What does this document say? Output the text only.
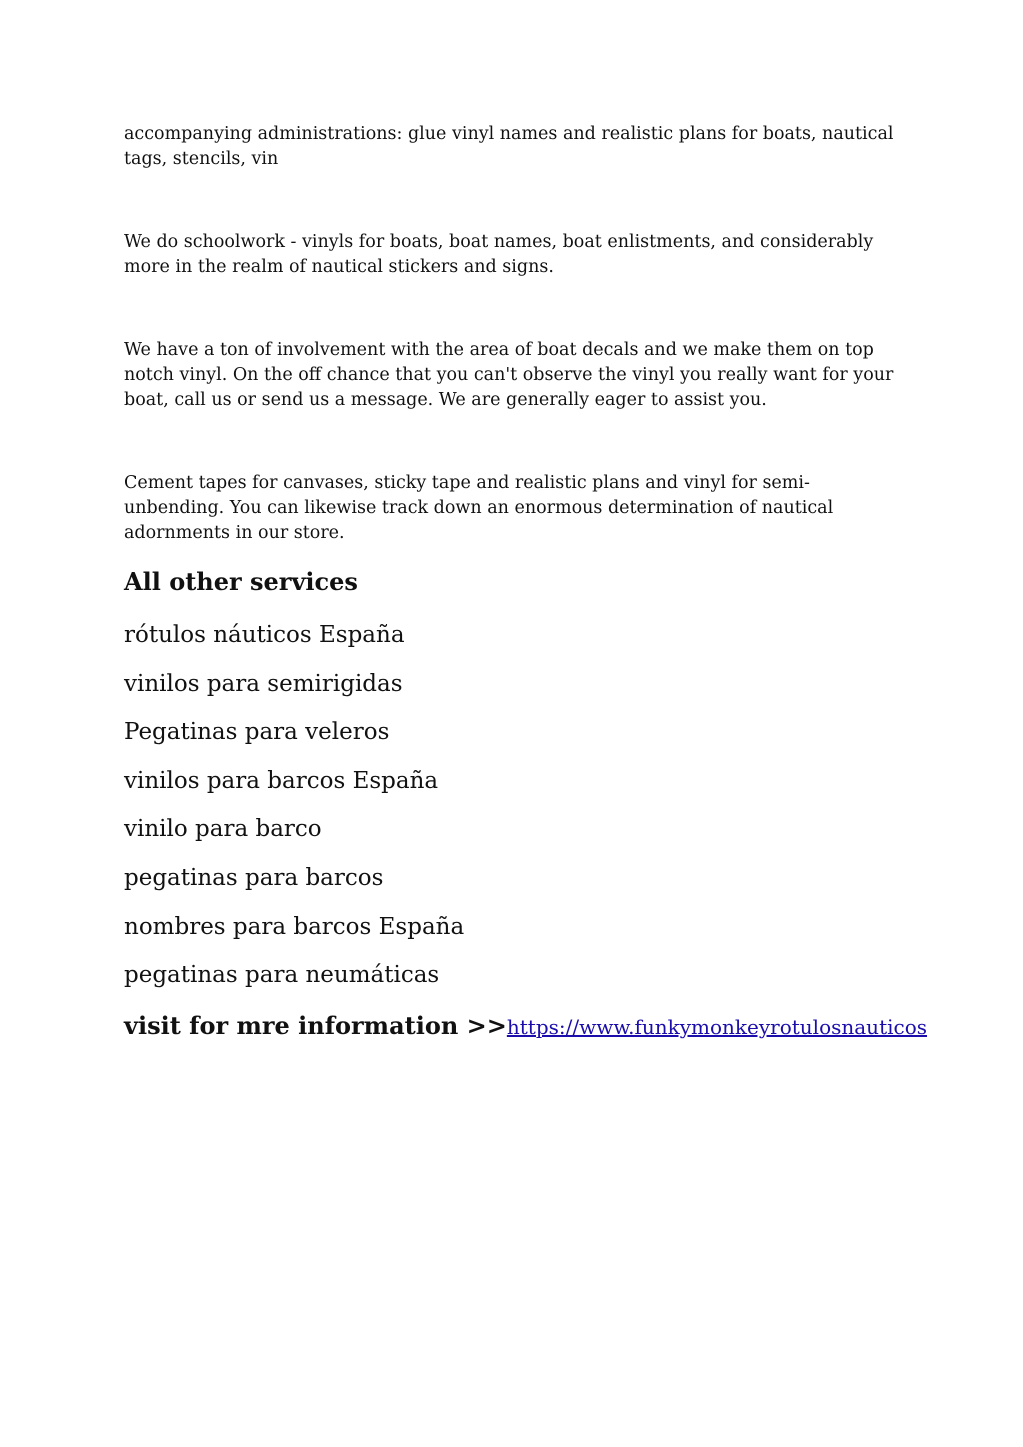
accompanying administrations: glue vinyl names and realistic plans for boats, nautical tags, stencils, vin

We do schoolwork - vinyls for boats, boat names, boat enlistments, and considerably more in the realm of nautical stickers and signs.

We have a ton of involvement with the area of boat decals and we make them on top notch vinyl. On the off chance that you can't observe the vinyl you really want for your boat, call us or send us a message. We are generally eager to assist you.

Cement tapes for canvases, sticky tape and realistic plans and vinyl for semi-unbending. You can likewise track down an enormous determination of nautical adornments in our store.

All other services
rótulos náuticos España
vinilos para semirigidas
Pegatinas para veleros
vinilos para barcos España
vinilo para barco
pegatinas para barcos
nombres para barcos España
pegatinas para neumáticas
visit for mre information >>https://www.funkymonkeyrotulosnauticos
